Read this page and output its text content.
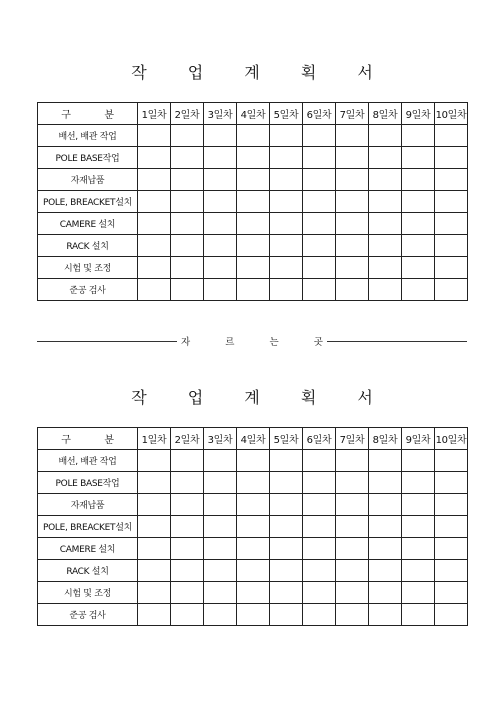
작 업 계 획 서
구 분	1일차	2일차	3일차	4일차	5일차	6일차	7일차	8일차	9일차	10일차
배선, 배관 작업										
POLE BASE작업										
자재납품										
POLE, BREACKET설치										
CAMERE 설치										
RACK 설치										
시험 및 조정										
준공 검사										
자	르	는	곳
작 업 계 획 서
구 분	1일차	2일차	3일차	4일차	5일차	6일차	7일차	8일차	9일차	10일차
배선, 배관 작업										
POLE BASE작업										
자재납품										
POLE, BREACKET설치										
CAMERE 설치										
RACK 설치										
시험 및 조정										
준공 검사										
